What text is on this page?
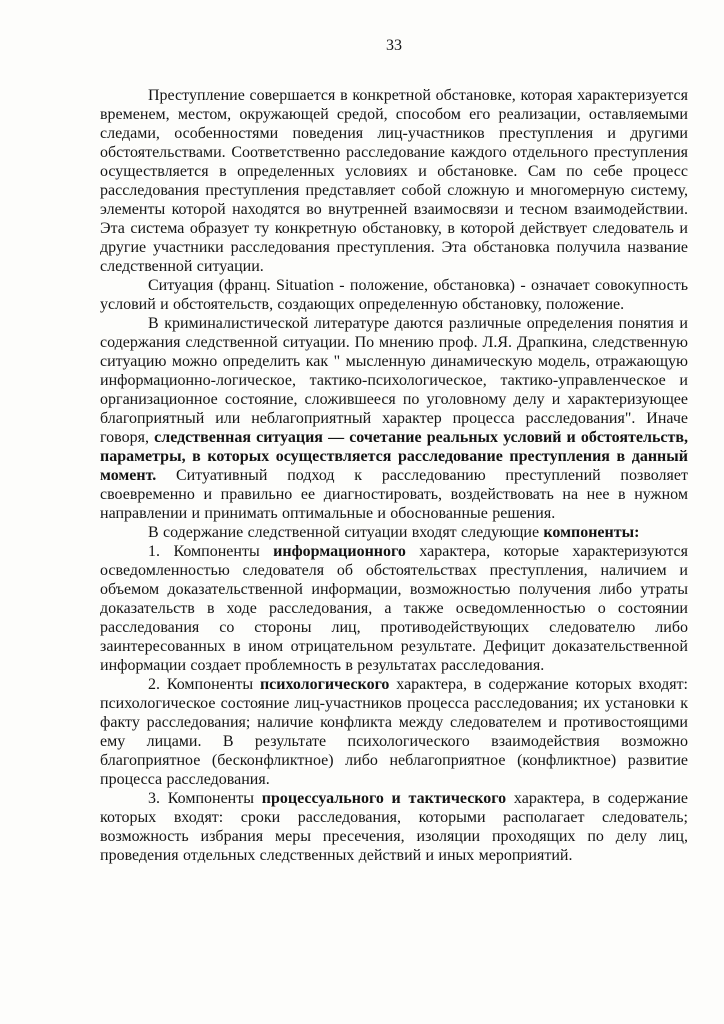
33

Преступление совершается в конкретной обстановке, которая характеризуется временем, местом, окружающей средой, способом его реализации, оставляемыми следами, особенностями поведения лиц-участников преступления и другими обстоятельствами. Соответственно расследование каждого отдельного преступления осуществляется в определенных условиях и обстановке. Сам по себе процесс расследования преступления представляет собой сложную и многомерную систему, элементы которой находятся во внутренней взаимосвязи и тесном взаимодействии. Эта система образует ту конкретную обстановку, в которой действует следователь и другие участники расследования преступления. Эта обстановка получила название следственной ситуации.

Ситуация (франц. Situation - положение, обстановка) - означает совокупность условий и обстоятельств, создающих определенную обстановку, положение.

В криминалистической литературе даются различные определения понятия и содержания следственной ситуации. По мнению проф. Л.Я. Драпкина, следственную ситуацию можно определить как " мысленную динамическую модель, отражающую информационно-логическое, тактико-психологическое, тактико-управленческое и организационное состояние, сложившееся по уголовному делу и характеризующее благоприятный или неблагоприятный характер процесса расследования". Иначе говоря, следственная ситуация — сочетание реальных условий и обстоятельств, параметры, в которых осуществляется расследование преступления в данный момент. Ситуативный подход к расследованию преступлений позволяет своевременно и правильно ее диагностировать, воздействовать на нее в нужном направлении и принимать оптимальные и обоснованные решения.

В содержание следственной ситуации входят следующие компоненты:

1. Компоненты информационного характера, которые характеризуются осведомленностью следователя об обстоятельствах преступления, наличием и объемом доказательственной информации, возможностью получения либо утраты доказательств в ходе расследования, а также осведомленностью о состоянии расследования со стороны лиц, противодействующих следователю либо заинтересованных в ином отрицательном результате. Дефицит доказательственной информации создает проблемность в результатах расследования.

2. Компоненты психологического характера, в содержание которых входят: психологическое состояние лиц-участников процесса расследования; их установки к факту расследования; наличие конфликта между следователем и противостоящими ему лицами. В результате психологического взаимодействия возможно благоприятное (бесконфликтное) либо неблагоприятное (конфликтное) развитие процесса расследования.

3. Компоненты процессуального и тактического характера, в содержание которых входят: сроки расследования, которыми располагает следователь; возможность избрания меры пресечения, изоляции проходящих по делу лиц, проведения отдельных следственных действий и иных мероприятий.
